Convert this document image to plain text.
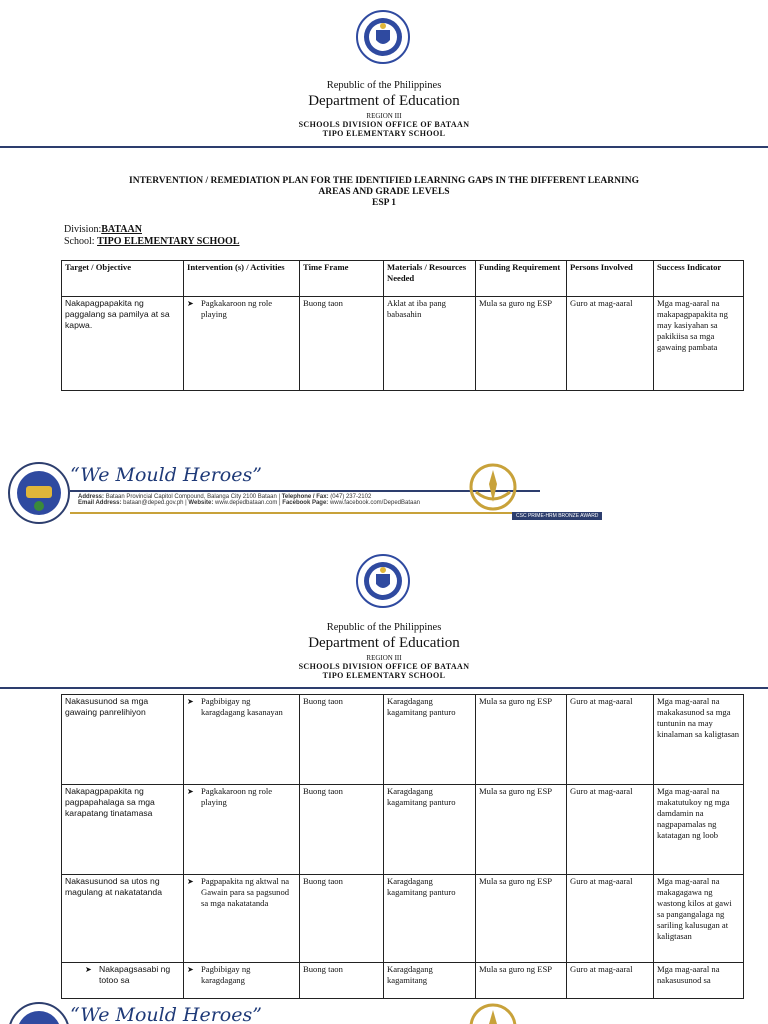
Republic of the Philippines
Department of Education
REGION III
SCHOOLS DIVISION OFFICE OF BATAAN
TIPO ELEMENTARY SCHOOL
INTERVENTION / REMEDIATION PLAN FOR THE IDENTIFIED LEARNING GAPS IN THE DIFFERENT LEARNING
AREAS AND GRADE LEVELS
ESP 1
Division:BATAAN
School: TIPO ELEMENTARY SCHOOL
Target / Objective	Intervention (s) / Activities	Time Frame	Materials / Resources Needed	Funding Requirement	Persons Involved	Success Indicator
Nakapagpapakita ng paggalang sa pamilya at sa kapwa.	➤ Pagkakaroon ng role playing	Buong taon	Aklat at iba pang babasahin	Mula sa guro ng ESP	Guro at mag-aaral	Mga mag-aaral na makapagpapakita ng may kasiyahan sa pakikiisa sa mga gawaing pambata
“We Mould Heroes”
Address: Bataan Provincial Capitol Compound, Balanga City 2100 Bataan | Telephone / Fax: (047) 237-2102
Email Address: bataan@deped.gov.ph | Website: www.depedbataan.com | Facebook Page: www.facebook.com/DepedBataan
CSC PRIME-HRM BRONZE AWARD
Republic of the Philippines
Department of Education
REGION III
SCHOOLS DIVISION OFFICE OF BATAAN
TIPO ELEMENTARY SCHOOL
Nakasusunod sa mga gawaing panrelihiyon	➤ Pagbibigay ng karagdagang kasanayan	Buong taon	Karagdagang kagamitang panturo	Mula sa guro ng ESP	Guro at mag-aaral	Mga mag-aaral na makakasunod sa mga tuntunin na may kinalaman sa kaligtasan
Nakapagpapakita ng pagpapahalaga sa mga karapatang tinatamasa	➤ Pagkakaroon ng role playing	Buong taon	Karagdagang kagamitang panturo	Mula sa guro ng ESP	Guro at mag-aaral	Mga mag-aaral na makatutukoy ng mga damdamin na nagpapamalas ng katatagan ng loob
Nakasusunod sa utos ng magulang at nakatatanda	➤ Pagpapakita ng aktwal na Gawain para sa pagsunod sa mga nakatatanda	Buong taon	Karagdagang kagamitang panturo	Mula sa guro ng ESP	Guro at mag-aaral	Mga mag-aaral na makagagawa ng wastong kilos at gawi sa pangangalaga ng sariling kalusugan at kaligtasan

➤ Nakapagsasabi ng totoo sa	➤ Pagbibigay ng karagdagang	Buong taon	Karagdagang kagamitang	Mula sa guro ng ESP	Guro at mag-aaral	Mga mag-aaral na nakasusunod sa
“We Mould Heroes”
